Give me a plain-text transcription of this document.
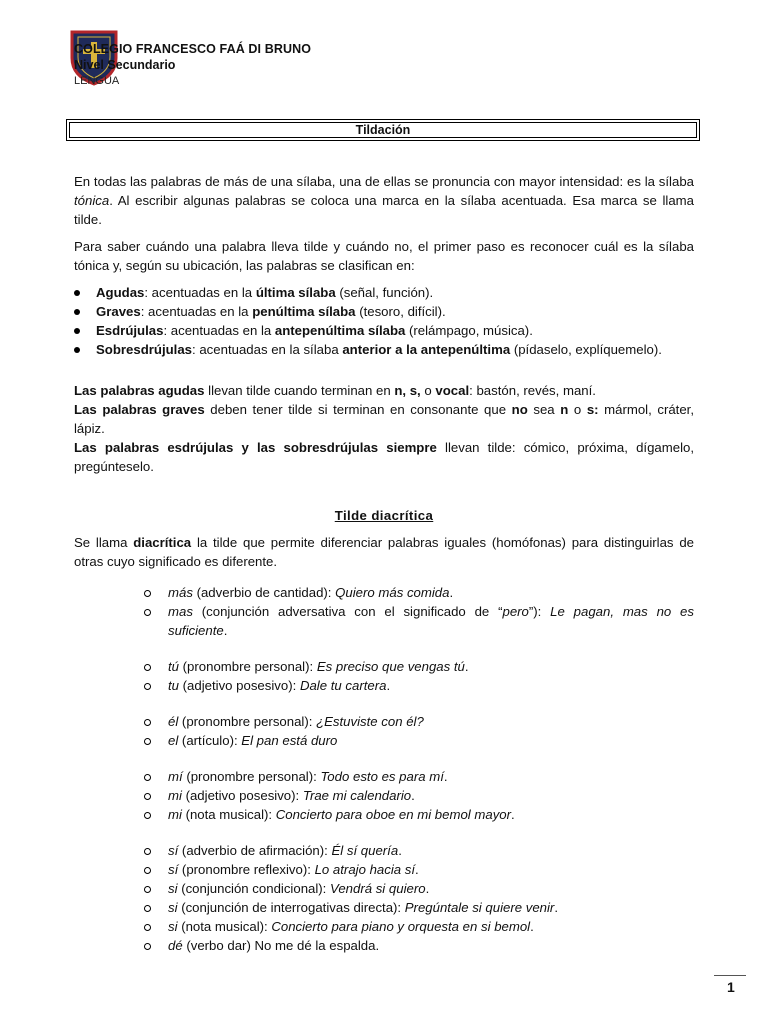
COLEGIO FRANCESCO FAÁ DI BRUNO
Nivel Secundario
LENGUA
Tildación

En todas las palabras de más de una sílaba, una de ellas se pronuncia con mayor intensidad: es la sílaba tónica. Al escribir algunas palabras se coloca una marca en la sílaba acentuada. Esa marca se llama tilde.

Para saber cuándo una palabra lleva tilde y cuándo no, el primer paso es reconocer cuál es la sílaba tónica y, según su ubicación, las palabras se clasifican en:

Agudas: acentuadas en la última sílaba (señal, función).
Graves: acentuadas en la penúltima sílaba (tesoro, difícil).
Esdrújulas: acentuadas en la antepenúltima sílaba (relámpago, música).
Sobresdrújulas: acentuadas en la sílaba anterior a la antepenúltima (pídaselo, explíquemelo).

Las palabras agudas llevan tilde cuando terminan en n, s, o vocal: bastón, revés, maní.

Las palabras graves deben tener tilde si terminan en consonante que no sea n o s: mármol, cráter, lápiz.

Las palabras esdrújulas y las sobresdrújulas siempre llevan tilde: cómico, próxima, dígamelo, pregúnteselo.

Tilde diacrítica

Se llama diacrítica la tilde que permite diferenciar palabras iguales (homófonas) para distinguirlas de otras cuyo significado es diferente.

más (adverbio de cantidad): Quiero más comida.
mas (conjunción adversativa con el significado de “pero”): Le pagan, mas no es suficiente.
tú (pronombre personal): Es preciso que vengas tú.
tu (adjetivo posesivo): Dale tu cartera.
él (pronombre personal): ¿Estuviste con él?
el (artículo): El pan está duro
mí (pronombre personal): Todo esto es para mí.
mi (adjetivo posesivo): Trae mi calendario.
mi (nota musical): Concierto para oboe en mi bemol mayor.
sí (adverbio de afirmación): Él sí quería.
sí (pronombre reflexivo): Lo atrajo hacia sí.
si (conjunción condicional): Vendrá si quiero.
si (conjunción de interrogativas directa): Pregúntale si quiere venir.
si (nota musical): Concierto para piano y orquesta en si bemol.
dé (verbo dar) No me dé la espalda.
1
